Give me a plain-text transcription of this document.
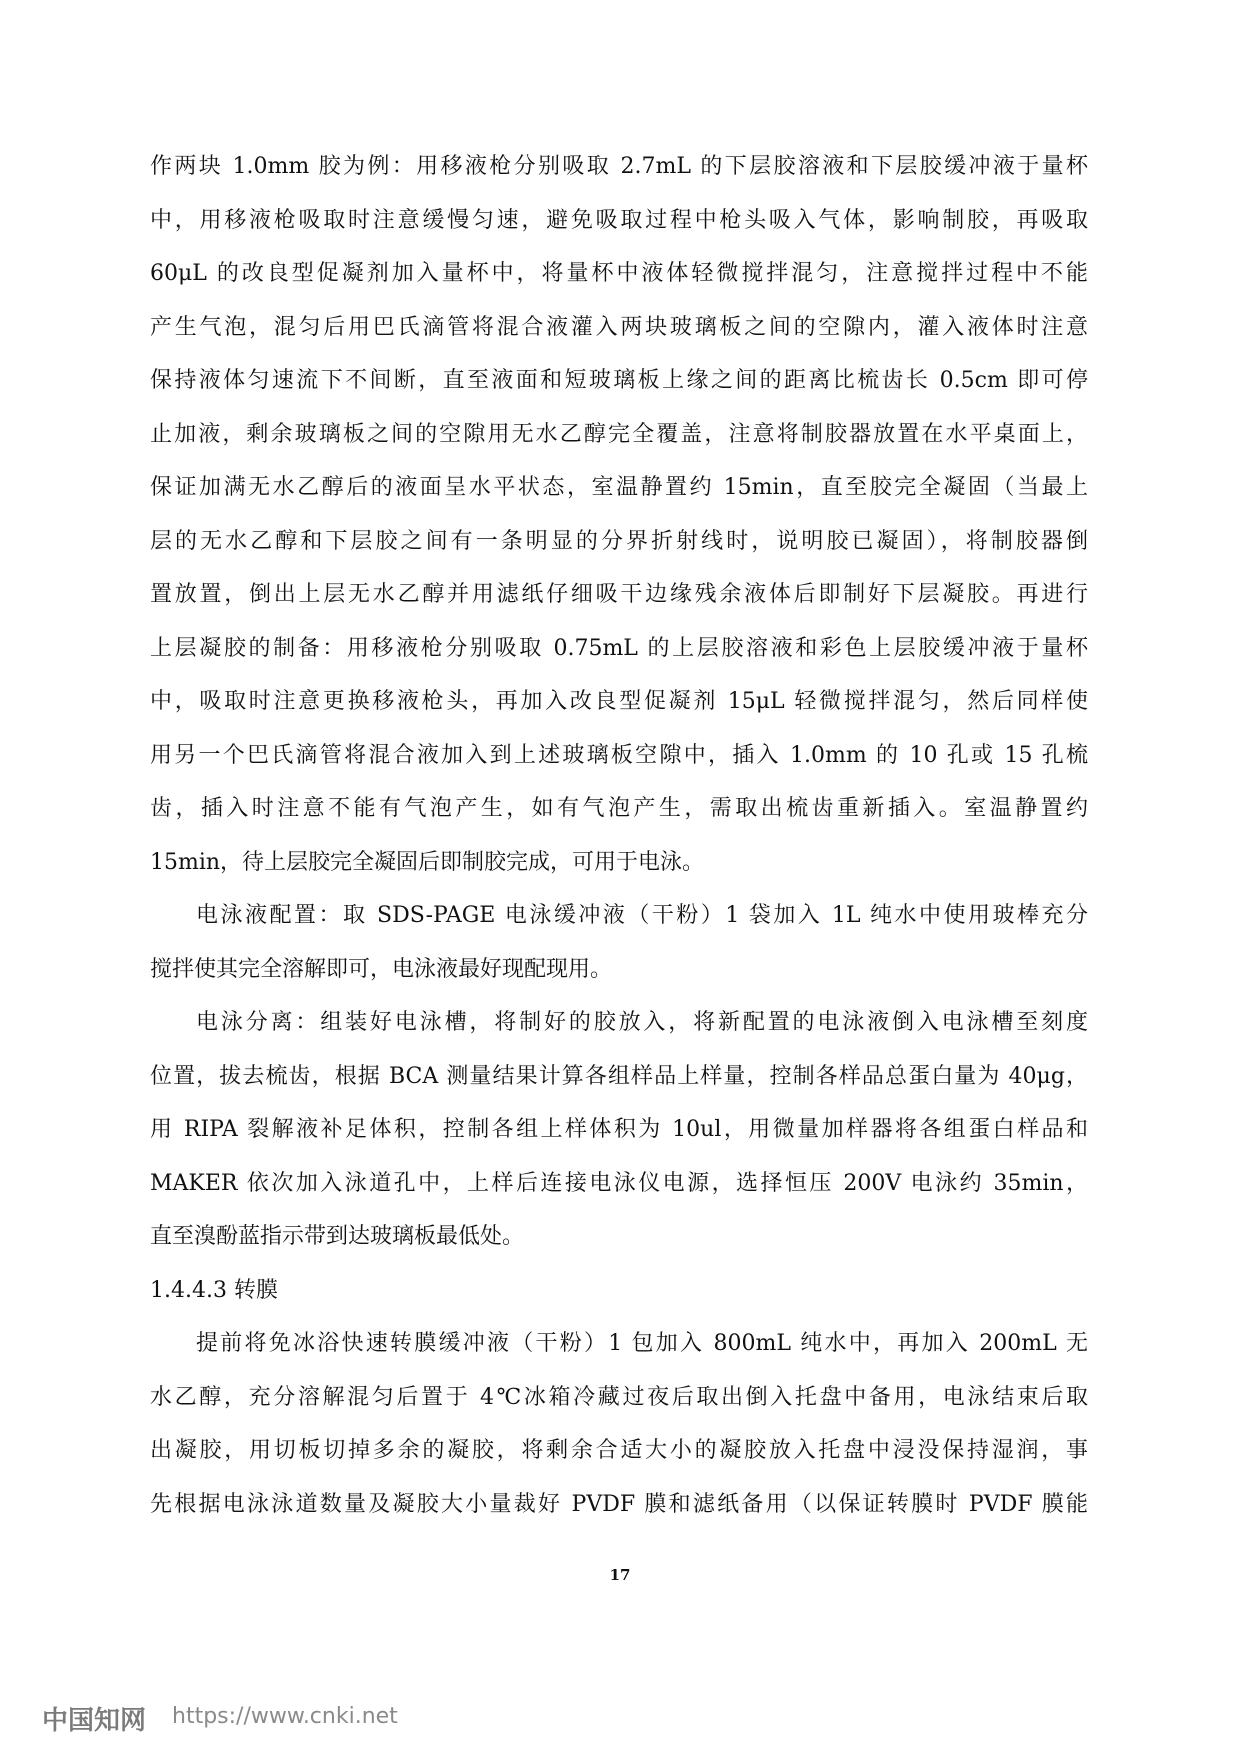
作两块 1.0mm 胶为例：用移液枪分别吸取 2.7mL 的下层胶溶液和下层胶缓冲液于量杯
中，用移液枪吸取时注意缓慢匀速，避免吸取过程中枪头吸入气体，影响制胶，再吸取
60μL 的改良型促凝剂加入量杯中，将量杯中液体轻微搅拌混匀，注意搅拌过程中不能
产生气泡，混匀后用巴氏滴管将混合液灌入两块玻璃板之间的空隙内，灌入液体时注意
保持液体匀速流下不间断，直至液面和短玻璃板上缘之间的距离比梳齿长 0.5cm 即可停
止加液，剩余玻璃板之间的空隙用无水乙醇完全覆盖，注意将制胶器放置在水平桌面上，
保证加满无水乙醇后的液面呈水平状态，室温静置约 15min，直至胶完全凝固（当最上
层的无水乙醇和下层胶之间有一条明显的分界折射线时，说明胶已凝固），将制胶器倒
置放置，倒出上层无水乙醇并用滤纸仔细吸干边缘残余液体后即制好下层凝胶。再进行
上层凝胶的制备：用移液枪分别吸取 0.75mL 的上层胶溶液和彩色上层胶缓冲液于量杯
中，吸取时注意更换移液枪头，再加入改良型促凝剂 15μL 轻微搅拌混匀，然后同样使
用另一个巴氏滴管将混合液加入到上述玻璃板空隙中，插入 1.0mm 的 10 孔或 15 孔梳
齿，插入时注意不能有气泡产生，如有气泡产生，需取出梳齿重新插入。室温静置约
15min，待上层胶完全凝固后即制胶完成，可用于电泳。
电泳液配置：取 SDS-PAGE 电泳缓冲液（干粉）1 袋加入 1L 纯水中使用玻棒充分
搅拌使其完全溶解即可，电泳液最好现配现用。
电泳分离：组装好电泳槽，将制好的胶放入，将新配置的电泳液倒入电泳槽至刻度
位置，拔去梳齿，根据 BCA 测量结果计算各组样品上样量，控制各样品总蛋白量为 40μg，
用 RIPA 裂解液补足体积，控制各组上样体积为 10ul，用微量加样器将各组蛋白样品和
MAKER 依次加入泳道孔中，上样后连接电泳仪电源，选择恒压 200V 电泳约 35min，
直至溴酚蓝指示带到达玻璃板最低处。
1.4.4.3 转膜
提前将免冰浴快速转膜缓冲液（干粉）1 包加入 800mL 纯水中，再加入 200mL 无
水乙醇，充分溶解混匀后置于 4℃冰箱冷藏过夜后取出倒入托盘中备用，电泳结束后取
出凝胶，用切板切掉多余的凝胶，将剩余合适大小的凝胶放入托盘中浸没保持湿润，事
先根据电泳泳道数量及凝胶大小量裁好 PVDF 膜和滤纸备用（以保证转膜时 PVDF 膜能
17
中国知网 https://www.cnki.net
